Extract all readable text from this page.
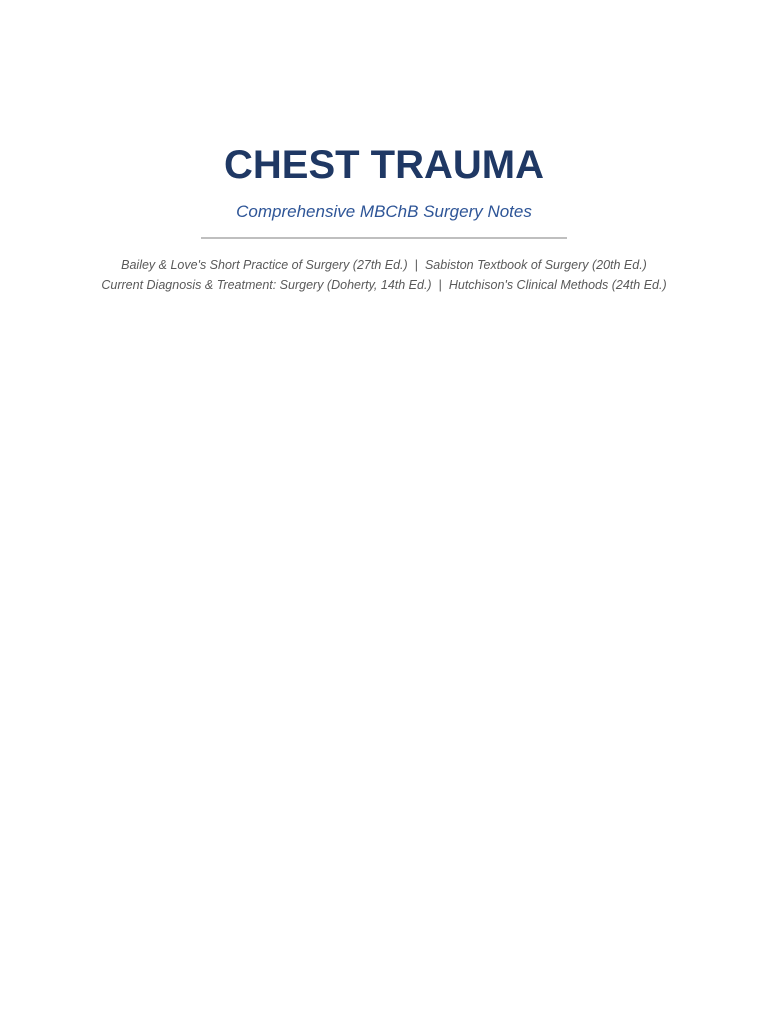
CHEST TRAUMA

Comprehensive MBChB Surgery Notes

Bailey & Love's Short Practice of Surgery (27th Ed.) | Sabiston Textbook of Surgery (20th Ed.)
Current Diagnosis & Treatment: Surgery (Doherty, 14th Ed.) | Hutchison's Clinical Methods (24th Ed.)
